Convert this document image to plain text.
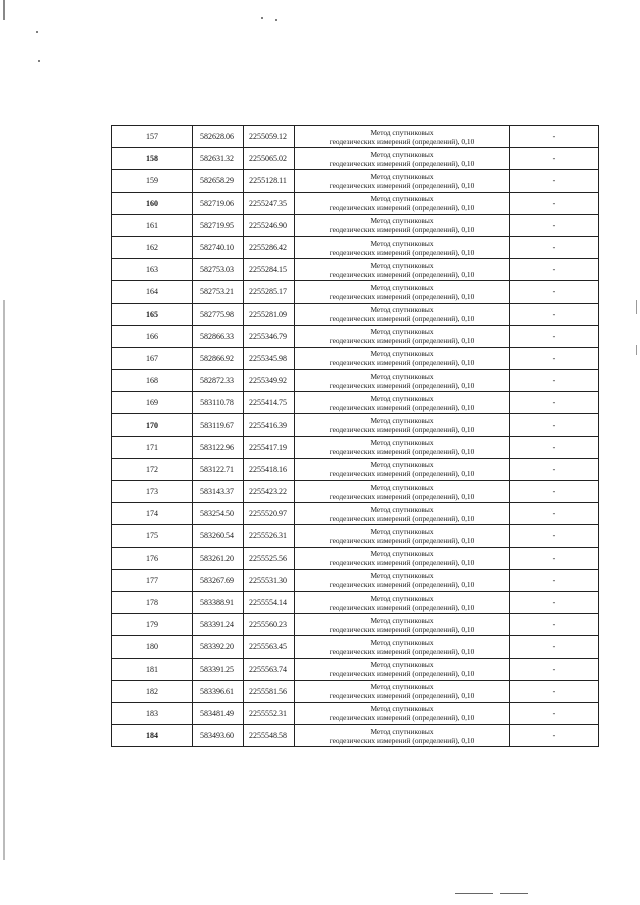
157	582628.06	2255059.12	Метод спутниковых
геодезических измерений (определений), 0,10	-
158	582631.32	2255065.02	Метод спутниковых
геодезических измерений (определений), 0,10	-
159	582658.29	2255128.11	Метод спутниковых
геодезических измерений (определений), 0,10	-
160	582719.06	2255247.35	Метод спутниковых
геодезических измерений (определений), 0,10	-
161	582719.95	2255246.90	Метод спутниковых
геодезических измерений (определений), 0,10	-
162	582740.10	2255286.42	Метод спутниковых
геодезических измерений (определений), 0,10	-
163	582753.03	2255284.15	Метод спутниковых
геодезических измерений (определений), 0,10	-
164	582753.21	2255285.17	Метод спутниковых
геодезических измерений (определений), 0,10	-
165	582775.98	2255281.09	Метод спутниковых
геодезических измерений (определений), 0,10	-
166	582866.33	2255346.79	Метод спутниковых
геодезических измерений (определений), 0,10	-
167	582866.92	2255345.98	Метод спутниковых
геодезических измерений (определений), 0,10	-
168	582872.33	2255349.92	Метод спутниковых
геодезических измерений (определений), 0,10	-
169	583110.78	2255414.75	Метод спутниковых
геодезических измерений (определений), 0,10	-
170	583119.67	2255416.39	Метод спутниковых
геодезических измерений (определений), 0,10	-
171	583122.96	2255417.19	Метод спутниковых
геодезических измерений (определений), 0,10	-
172	583122.71	2255418.16	Метод спутниковых
геодезических измерений (определений), 0,10	-
173	583143.37	2255423.22	Метод спутниковых
геодезических измерений (определений), 0,10	-
174	583254.50	2255520.97	Метод спутниковых
геодезических измерений (определений), 0,10	-
175	583260.54	2255526.31	Метод спутниковых
геодезических измерений (определений), 0,10	-
176	583261.20	2255525.56	Метод спутниковых
геодезических измерений (определений), 0,10	-
177	583267.69	2255531.30	Метод спутниковых
геодезических измерений (определений), 0,10	-
178	583388.91	2255554.14	Метод спутниковых
геодезических измерений (определений), 0,10	-
179	583391.24	2255560.23	Метод спутниковых
геодезических измерений (определений), 0,10	-
180	583392.20	2255563.45	Метод спутниковых
геодезических измерений (определений), 0,10	-
181	583391.25	2255563.74	Метод спутниковых
геодезических измерений (определений), 0,10	-
182	583396.61	2255581.56	Метод спутниковых
геодезических измерений (определений), 0,10	-
183	583481.49	2255552.31	Метод спутниковых
геодезических измерений (определений), 0,10	-
184	583493.60	2255548.58	Метод спутниковых
геодезических измерений (определений), 0,10	-
